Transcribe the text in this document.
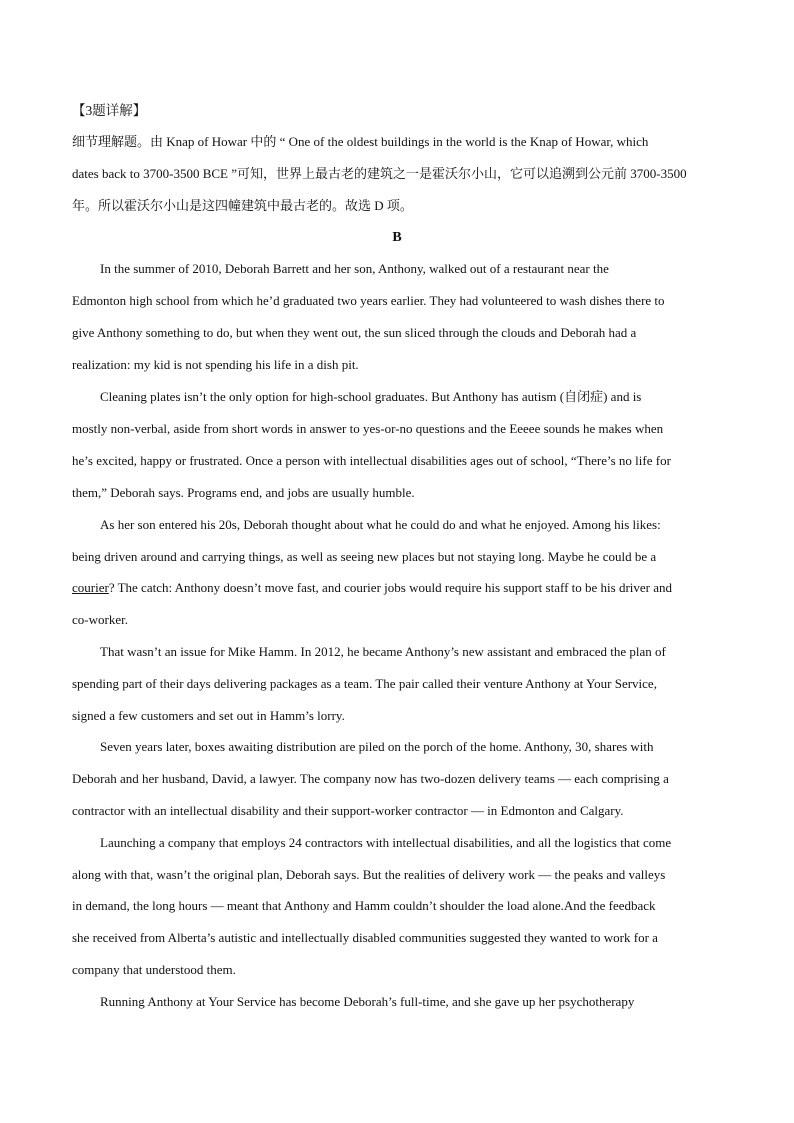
【3题详解】
细节理解题。由 Knap of Howar 中的 “ One of the oldest buildings in the world is the Knap of Howar, which
dates back to 3700-3500 BCE ”可知，世界上最古老的建筑之一是霍沃尔小山，它可以追溯到公元前 3700-3500
年。所以霍沃尔小山是这四幢建筑中最古老的。故选 D 项。
B
In the summer of 2010, Deborah Barrett and her son, Anthony, walked out of a restaurant near the
Edmonton high school from which he’d graduated two years earlier. They had volunteered to wash dishes there to
give Anthony something to do, but when they went out, the sun sliced through the clouds and Deborah had a
realization: my kid is not spending his life in a dish pit.
Cleaning plates isn’t the only option for high-school graduates. But Anthony has autism (自闭症) and is
mostly non-verbal, aside from short words in answer to yes-or-no questions and the Eeeee sounds he makes when
he’s excited, happy or frustrated. Once a person with intellectual disabilities ages out of school, “There’s no life for
them,” Deborah says. Programs end, and jobs are usually humble.
As her son entered his 20s, Deborah thought about what he could do and what he enjoyed. Among his likes:
being driven around and carrying things, as well as seeing new places but not staying long. Maybe he could be a
courier? The catch: Anthony doesn’t move fast, and courier jobs would require his support staff to be his driver and
co-worker.
That wasn’t an issue for Mike Hamm. In 2012, he became Anthony’s new assistant and embraced the plan of
spending part of their days delivering packages as a team. The pair called their venture Anthony at Your Service,
signed a few customers and set out in Hamm’s lorry.
Seven years later, boxes awaiting distribution are piled on the porch of the home. Anthony, 30, shares with
Deborah and her husband, David, a lawyer. The company now has two-dozen delivery teams — each comprising a
contractor with an intellectual disability and their support-worker contractor — in Edmonton and Calgary.
Launching a company that employs 24 contractors with intellectual disabilities, and all the logistics that come
along with that, wasn’t the original plan, Deborah says. But the realities of delivery work — the peaks and valleys
in demand, the long hours — meant that Anthony and Hamm couldn’t shoulder the load alone.And the feedback
she received from Alberta’s autistic and intellectually disabled communities suggested they wanted to work for a
company that understood them.
Running Anthony at Your Service has become Deborah’s full-time, and she gave up her psychotherapy
